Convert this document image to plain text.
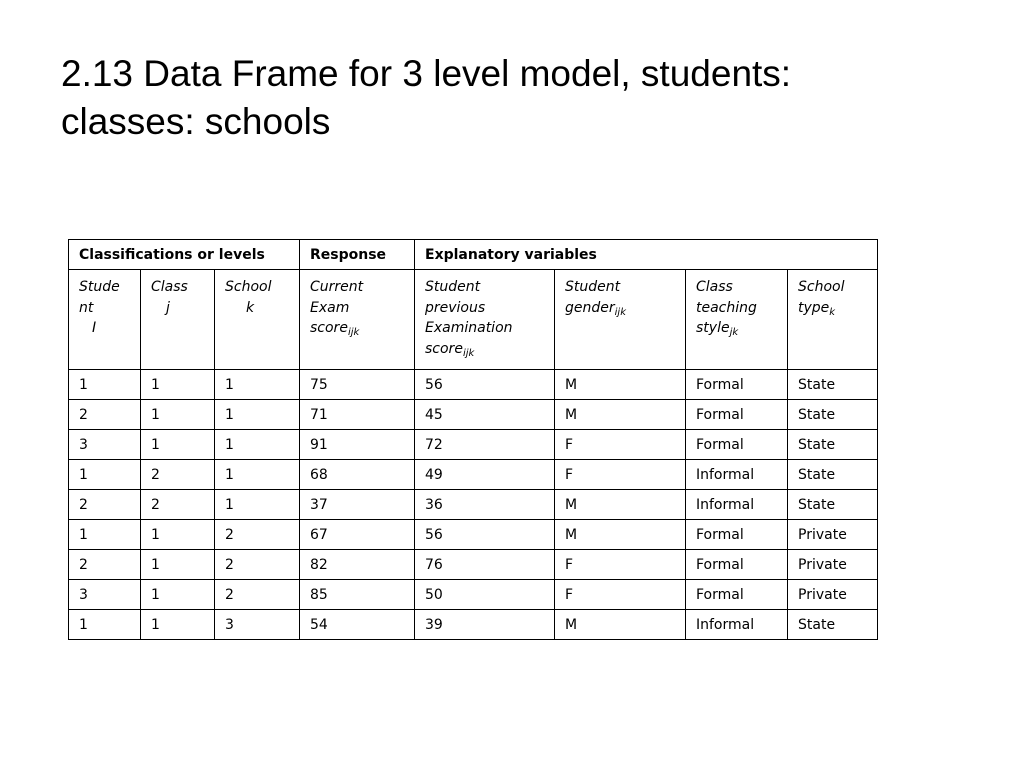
2.13 Data Frame for 3 level model, students:
classes: schools
Classifications or levels			Response	Explanatory variables			

Stude
nt
I	Class
j	School
k	Current
Exam
score$_{ijk}$	Student
previous
Examination
score$_{ijk}$	Student
gender$_{ijk}$	Class
teaching
style$_{jk}$	School
type$_k$

1	1	1	75	56	M	Formal	State
2	1	1	71	45	M	Formal	State
3	1	1	91	72	F	Formal	State
1	2	1	68	49	F	Informal	State
2	2	1	37	36	M	Informal	State
1	1	2	67	56	M	Formal	Private
2	1	2	82	76	F	Formal	Private
3	1	2	85	50	F	Formal	Private
1	1	3	54	39	M	Informal	State
